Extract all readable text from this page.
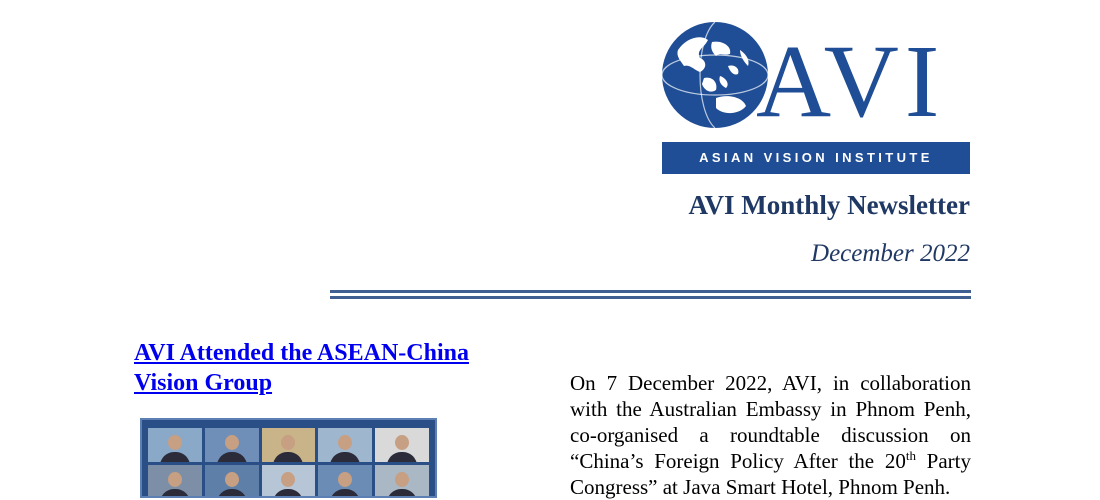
AVI
ASIAN VISION INSTITUTE
AVI Monthly Newsletter
December 2022
AVI Attended the ASEAN-China Vision Group	On 7 December 2022, AVI, in collaboration with the Australian Embassy in Phnom Penh, co-organised a roundtable discussion on “China’s Foreign Policy After the 20th Party Congress” at Java Smart Hotel, Phnom Penh.
